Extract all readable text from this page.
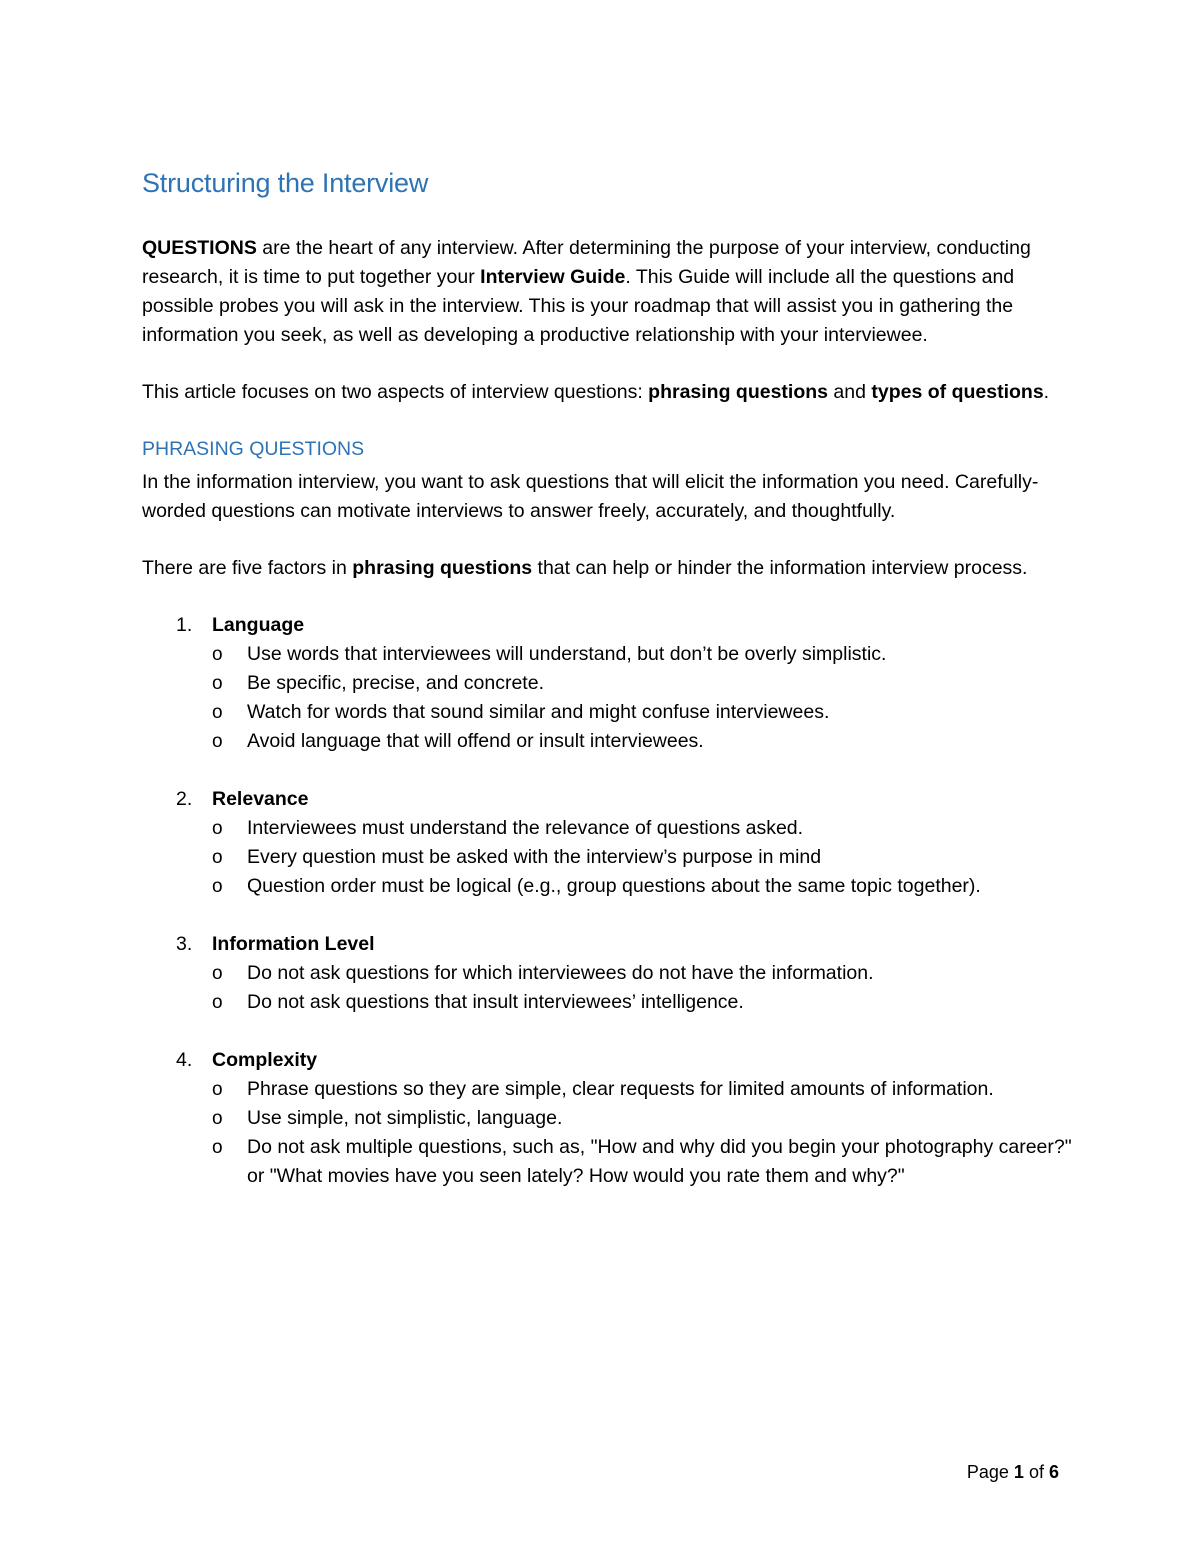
Structuring the Interview

QUESTIONS are the heart of any interview. After determining the purpose of your interview, conducting research, it is time to put together your Interview Guide. This Guide will include all the questions and possible probes you will ask in the interview. This is your roadmap that will assist you in gathering the information you seek, as well as developing a productive relationship with your interviewee.

This article focuses on two aspects of interview questions: phrasing questions and types of questions.

PHRASING QUESTIONS

In the information interview, you want to ask questions that will elicit the information you need. Carefully-worded questions can motivate interviews to answer freely, accurately, and thoughtfully.

There are five factors in phrasing questions that can help or hinder the information interview process.

1. Language
o Use words that interviewees will understand, but don’t be overly simplistic.
o Be specific, precise, and concrete.
o Watch for words that sound similar and might confuse interviewees.
o Avoid language that will offend or insult interviewees.
2. Relevance
o Interviewees must understand the relevance of questions asked.
o Every question must be asked with the interview’s purpose in mind
o Question order must be logical (e.g., group questions about the same topic together).
3. Information Level
o Do not ask questions for which interviewees do not have the information.
o Do not ask questions that insult interviewees’ intelligence.
4. Complexity
o Phrase questions so they are simple, clear requests for limited amounts of information.
o Use simple, not simplistic, language.
o Do not ask multiple questions, such as, "How and why did you begin your photography career?" or "What movies have you seen lately? How would you rate them and why?"
Page 1 of 6
